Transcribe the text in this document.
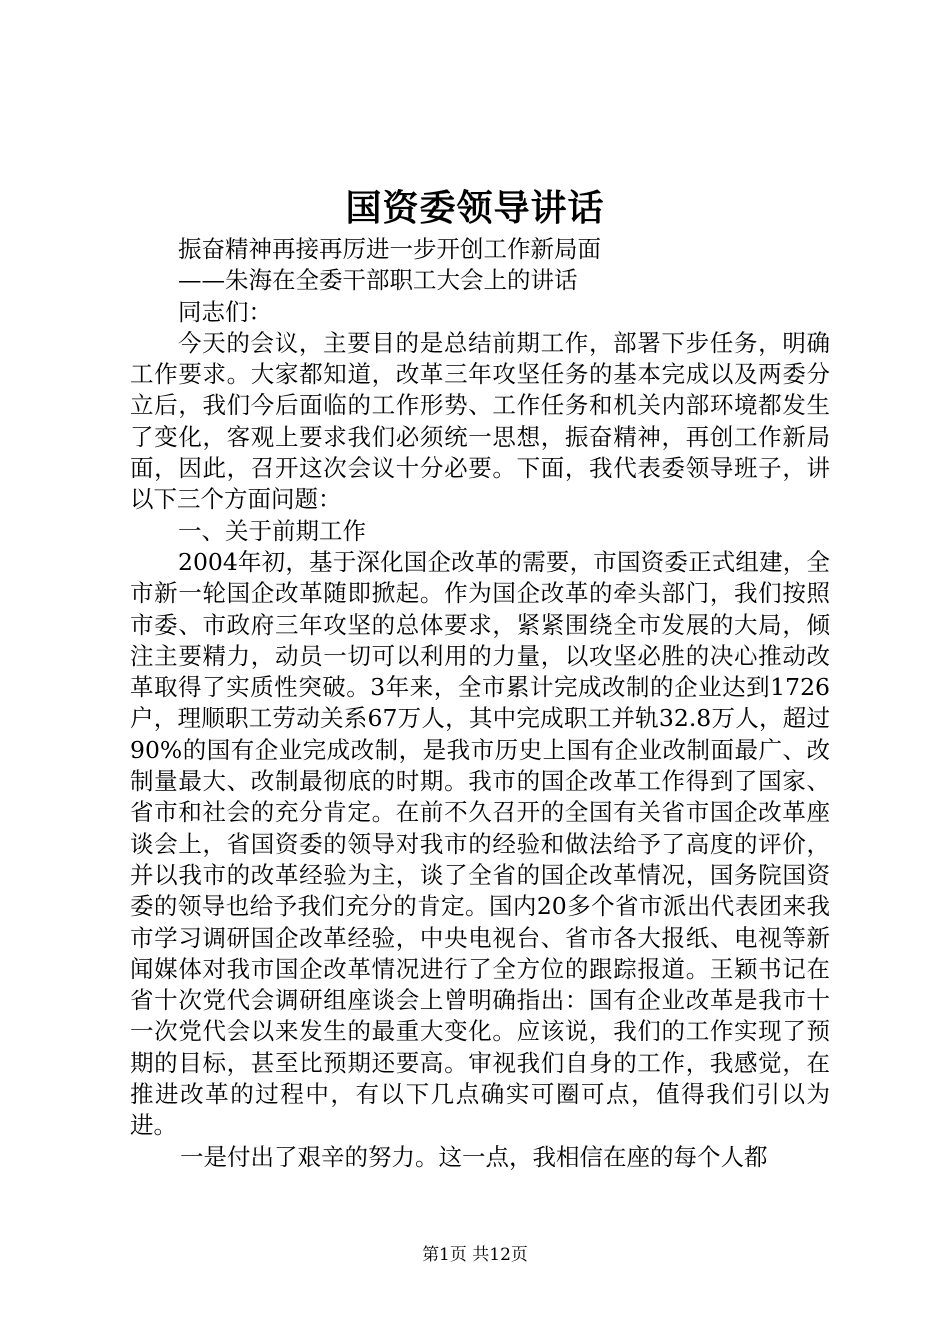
国资委领导讲话

振奋精神再接再厉进一步开创工作新局面

——朱海在全委干部职工大会上的讲话

同志们：

今天的会议，主要目的是总结前期工作，部署下步任务，明确工作要求。大家都知道，改革三年攻坚任务的基本完成以及两委分立后，我们今后面临的工作形势、工作任务和机关内部环境都发生了变化，客观上要求我们必须统一思想，振奋精神，再创工作新局面，因此，召开这次会议十分必要。下面，我代表委领导班子，讲以下三个方面问题：

一、关于前期工作

2004年初，基于深化国企改革的需要，市国资委正式组建，全市新一轮国企改革随即掀起。作为国企改革的牵头部门，我们按照市委、市政府三年攻坚的总体要求，紧紧围绕全市发展的大局，倾注主要精力，动员一切可以利用的力量，以攻坚必胜的决心推动改革取得了实质性突破。3年来，全市累计完成改制的企业达到1726户，理顺职工劳动关系67万人，其中完成职工并轨32.8万人，超过90%的国有企业完成改制，是我市历史上国有企业改制面最广、改制量最大、改制最彻底的时期。我市的国企改革工作得到了国家、省市和社会的充分肯定。在前不久召开的全国有关省市国企改革座谈会上，省国资委的领导对我市的经验和做法给予了高度的评价，并以我市的改革经验为主，谈了全省的国企改革情况，国务院国资委的领导也给予我们充分的肯定。国内20多个省市派出代表团来我市学习调研国企改革经验，中央电视台、省市各大报纸、电视等新闻媒体对我市国企改革情况进行了全方位的跟踪报道。王颖书记在省十次党代会调研组座谈会上曾明确指出：国有企业改革是我市十一次党代会以来发生的最重大变化。应该说，我们的工作实现了预期的目标，甚至比预期还要高。审视我们自身的工作，我感觉，在推进改革的过程中，有以下几点确实可圈可点，值得我们引以为进。

一是付出了艰辛的努力。这一点，我相信在座的每个人都

第1页 共12页
